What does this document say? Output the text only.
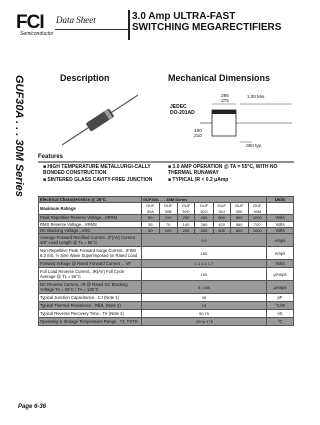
FCI
Semiconductor
Data Sheet	3.0 Amp ULTRA-FAST
SWITCHING MEGARECTIFIERS
GUF30A . . . 30M Series	Description	Mechanical Dimensions
JEDEC
DO-201AD
.285
.275
1.00 Min.
.100
.210
.050 typ.
Features
■ HIGH TEMPERATURE METALLURGI-CALLY BONDED CONSTRUCTION
■ SINTERED GLASS CAVITY-FREE JUNCTION
■ 3.0 AMP OPERATION @ TA = 55°C, WITH NO THERMAL RUNAWAY
■ TYPICAL IR < 0.2 μAmp
Electrical Characteristics @ 25°C.	GUF30A . . . 30M Series							Units
Maximum Ratings	GUF 30A	GUF 30B	GUF 30D	GUF 30G	GUF 30J	GUF 30K	GUF 30M	
Peak Repetitive Reverse Voltage...VRRM	50	100	200	400	600	800	1000	Volts
RMS Reverse Voltage...VRMS	35	70	140	280	420	560	700	Volts
DC Blocking Voltage...VDC	50	100	200	400	600	800	1000	Volts
Average Forward Rectified Current...IF(AV) Current 3/8" Lead Length @ TL = 55°C	3.0							Amps
Non-Repetitive Peak Forward Surge Current...IFSM 8.3 mS, ½ Sine Wave Superimposed on Rated Load	150							Amps
Forward Voltage @ Rated Forward Current ... VF	1.1 1.4 1.7							Volts
Full Load Reverse Current...IR(AV) Full Cycle Average @ TL = 55°C	100							μAmps
DC Reverse Current...IR @ Rated DC Blocking Voltage TA = 25°C / TA = 125°C	5 / 150							μAmps
Typical Junction Capacitance...CJ (Note 1)	45							pF
Typical Thermal Resistance...RθJL (Note 2)	15							°C/W
Typical Reverse Recovery Time...Trr (Note 3)	50 75							nS
Operating & Storage Temperature Range...TJ, TSTG	-65 to 175							°C
Page 6-36
